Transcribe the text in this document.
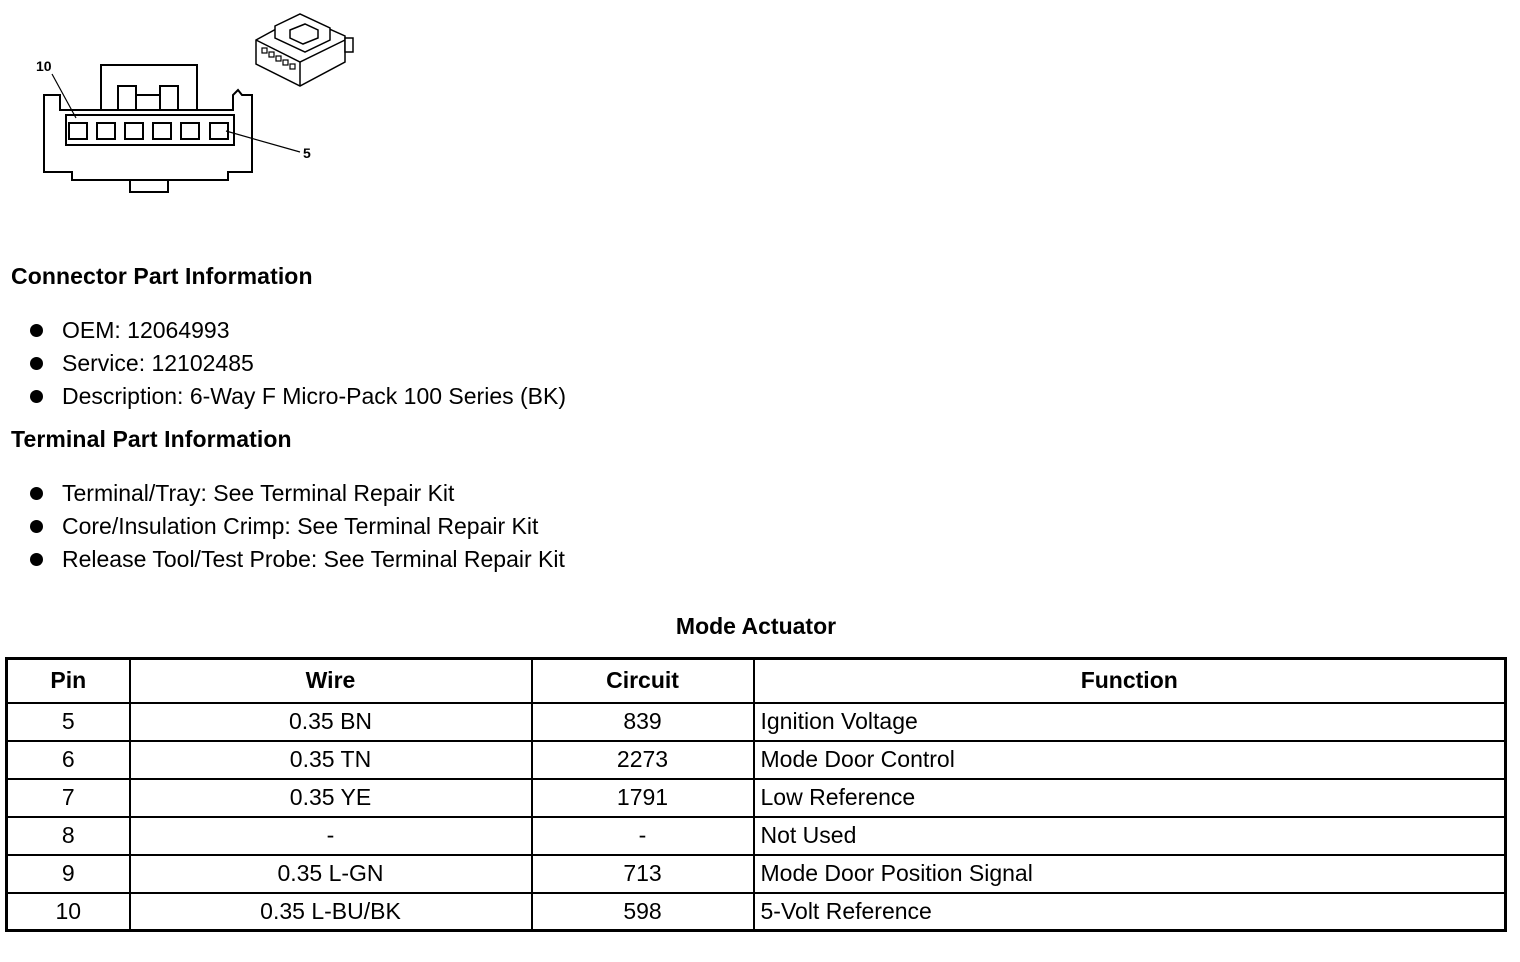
10
5
Connector Part Information
OEM: 12064993
Service: 12102485
Description: 6-Way F Micro-Pack 100 Series (BK)
Terminal Part Information
Terminal/Tray: See Terminal Repair Kit
Core/Insulation Crimp: See Terminal Repair Kit
Release Tool/Test Probe: See Terminal Repair Kit
Mode Actuator
Pin	Wire	Circuit	Function
5	0.35 BN	839	Ignition Voltage
6	0.35 TN	2273	Mode Door Control
7	0.35 YE	1791	Low Reference
8	-	-	Not Used
9	0.35 L-GN	713	Mode Door Position Signal
10	0.35 L-BU/BK	598	5-Volt Reference
